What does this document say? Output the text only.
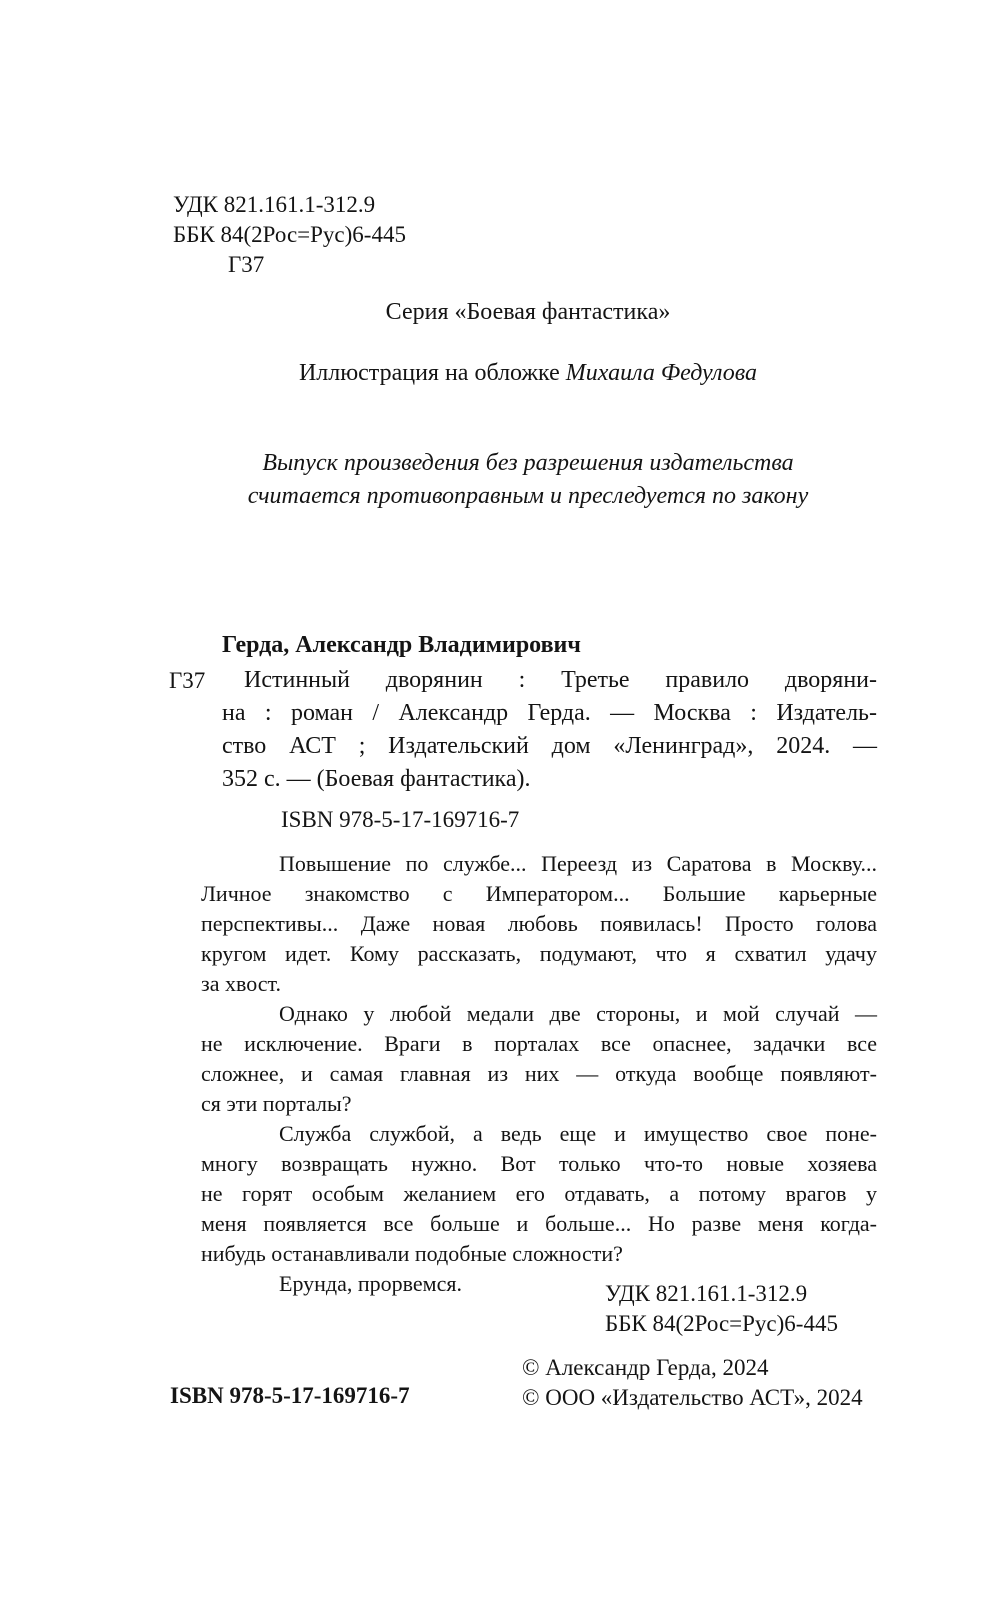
УДК 821.161.1-312.9
ББК 84(2Рос=Рус)6-445
Г37
Серия «Боевая фантастика»
Иллюстрация на обложке Михаила Федулова
Выпуск произведения без разрешения издательства
считается противоправным и преследуется по закону
Герда, Александр Владимирович
Г37	Истинный дворянин : Третье правило дворяни-
на : роман / Александр Герда. — Москва : Издатель-
ство АСТ ; Издательский дом «Ленинград», 2024. —
352 с. — (Боевая фантастика).
ISBN 978-5-17-169716-7
Повышение по службе... Переезд из Саратова в Москву...
Личное знакомство с Императором... Большие карьерные
перспективы... Даже новая любовь появилась! Просто голова
кругом идет. Кому рассказать, подумают, что я схватил удачу
за хвост.
Однако у любой медали две стороны, и мой случай —
не исключение. Враги в порталах все опаснее, задачки все
сложнее, и самая главная из них — откуда вообще появляют-
ся эти порталы?
Служба службой, а ведь еще и имущество свое поне-
многу возвращать нужно. Вот только что-то новые хозяева
не горят особым желанием его отдавать, а потому врагов у
меня появляется все больше и больше... Но разве меня когда-
нибудь останавливали подобные сложности?
Ерунда, прорвемся.	УДК 821.161.1-312.9
ББК 84(2Рос=Рус)6-445
© Александр Герда, 2024
© ООО «Издательство АСТ», 2024
ISBN 978-5-17-169716-7
